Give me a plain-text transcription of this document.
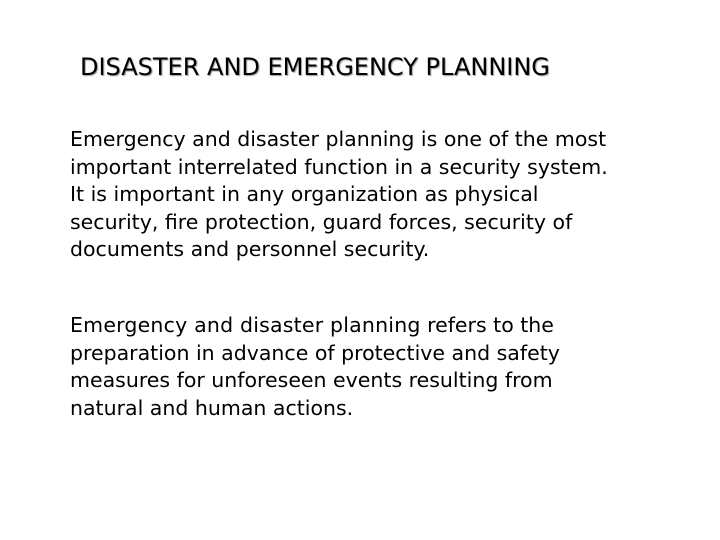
DISASTER AND EMERGENCY PLANNING
Emergency and disaster planning is one of the most
important interrelated function in a security system.
It is important in any organization as physical
security, fire protection, guard forces, security of
documents and personnel security.
Emergency and disaster planning refers to the
preparation in advance of protective and safety
measures for unforeseen events resulting from
natural and human actions.
